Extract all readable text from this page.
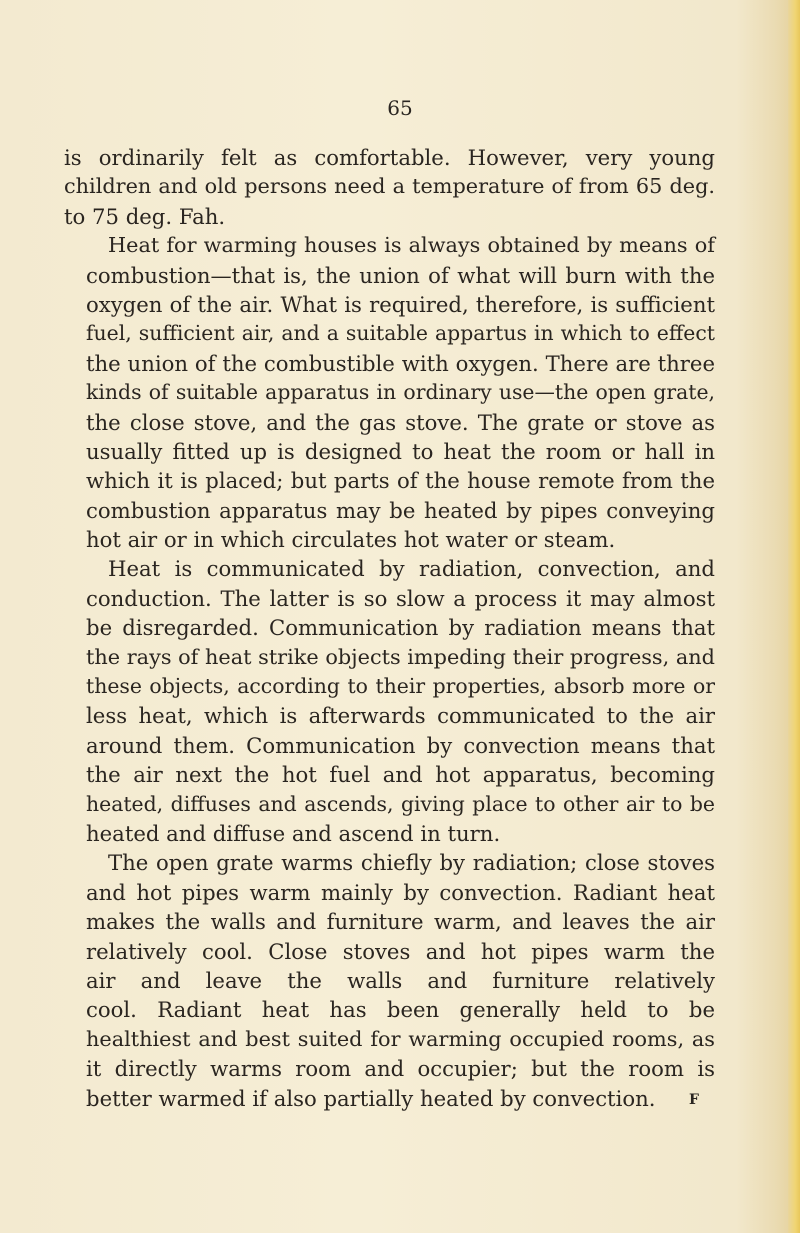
65

is ordinarily felt as comfortable. However, very young
children and old persons need a temperature of from 65 deg.
to 75 deg. Fah.

Heat for warming houses is always obtained by means of
combustion—that is, the union of what will burn with the
oxygen of the air. What is required, therefore, is sufficient
fuel, sufficient air, and a suitable appartus in which to effect
the union of the combustible with oxygen. There are three
kinds of suitable apparatus in ordinary use—the open grate,
the close stove, and the gas stove. The grate or stove as
usually fitted up is designed to heat the room or hall in
which it is placed; but parts of the house remote from the
combustion apparatus may be heated by pipes conveying
hot air or in which circulates hot water or steam.

Heat is communicated by radiation, convection, and
conduction. The latter is so slow a process it may almost
be disregarded. Communication by radiation means that
the rays of heat strike objects impeding their progress, and
these objects, according to their properties, absorb more or
less heat, which is afterwards communicated to the air
around them. Communication by convection means that
the air next the hot fuel and hot apparatus, becoming
heated, diffuses and ascends, giving place to other air to be
heated and diffuse and ascend in turn.

The open grate warms chiefly by radiation; close stoves
and hot pipes warm mainly by convection. Radiant heat
makes the walls and furniture warm, and leaves the air
relatively cool. Close stoves and hot pipes warm the
air and leave the walls and furniture relatively
cool. Radiant heat has been generally held to be
healthiest and best suited for warming occupied rooms, as
it directly warms room and occupier; but the room is
better warmed if also partially heated by convection.	F
